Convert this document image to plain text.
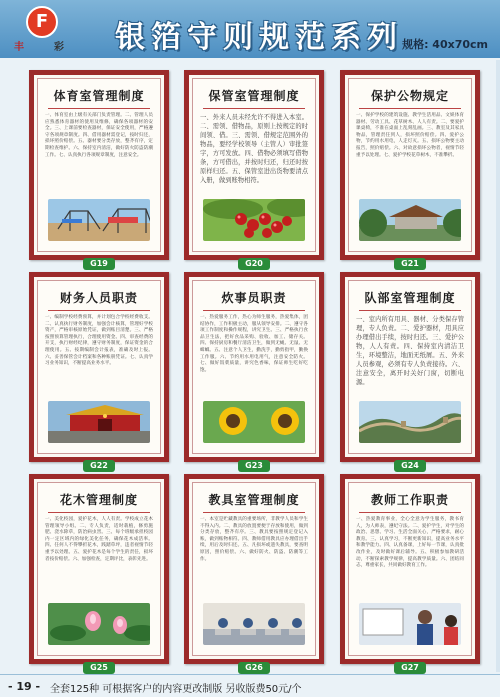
F
丰	彩 银箔守则规范系列 规格: 40x70cm
体育室管理制度
一、体育室由上级有关部门负责管理。二、管理人员应熟悉体育器材的使用及维修，确保各项器材的安全。三、上课前要检查器材，保证安全使用，严格遵守各项规章制度。四、借用器材需登记，按时归还，损坏照价赔偿。五、器材要分类存放，整齐有序，定期检查维护。六、保持室内清洁，做好防火防盗防潮工作。七、认真执行各项规章制度，注意安全。
G19
保管室管理制度
一、外来人员未经允许不得进入本室。二、需领、借物品，原则上按规定的时间领、借。三、需领、借规定范围外的物品，要经学校领导（主管人）审批签字，方可发放。四、借物必须填写借物条，方可借出，并按时归还，归还时按原样归还。五、保管室进出货物要清点入册，做到账物相符。
G20
保护公物规定
一、保护学校的建筑设施、教学生活用品、文娱体育器材、劳动工具、花草树木、人人有责。二、要爱护课桌椅，不准在桌面上乱刻乱画。三、教室及其家具物品，管理责任到人，损坏照价赔偿。四、爱护公物，节约用水用电，人走灯灭。五、损坏公物要主动报告，照价赔偿。六、对故意损坏公物者，视情节轻重予以处理。七、爱护学校花草树木，不准攀折。
G21
财务人员职责
一、编制学校经费预算，并计划包合学校经费收支。二、认真执行财务制度，加强会计核算，管理好学校资产，严格审核原始凭证，做到账目清楚。三、严格按照预算管理执行，合理使用资金。四、审查经费的开支，执行财经纪律，遵守财务制度，保证资金的合理使用。五、按期编制会计报表，准确及时上报。六、妥善保管会计档案和各种账册凭证。七、认真学习业务知识，不断提高业务水平。
G22
炊事员职责
一、热爱服务工作，热心为师生服务，热爱集体，团结协作，工作积极主动，服从领导安排。二、遵守各项工作制度和操作规程，讲究卫生。三、严格执行食品卫生法，把好食品采购、验收、加工、储存关。四、保持厨房和餐厅清洁卫生，做到无蝇、无鼠、无蟑螂。五、注意个人卫生，勤洗手，勤剪指甲，勤换工作服。六、节约用水用电用气，注意安全防火。七、做好饭菜质量，讲究色香味，保证师生吃好吃饱。
G23
队部室管理制度
一、室内所有用具、器材、分类保存管理，专人负责。二、爱护器材，用具应办理借出手续，按时归还。三、爱护公物，人人有责。四、保持室内清洁卫生，环境整洁，地面无纸屑。五、外来人员参观，必须有专人负责接待。六、注意安全，离开时关好门窗，切断电源。
G24
花木管理制度
一、美化校园，爱护花木，人人有责。学校成立花木管理领导小组。二、专人负责，适时栽植，修剪施肥、浇水除草，防治病虫害。三、每个班级承担校园内一定区域内的绿化美化任务，确保花木成活率。四、任何人不得攀折花木，践踏草坪，违者视情节轻重予以处理。五、爱护花木是每个学生的责任，损坏者按价赔偿。六、加强检查，定期评比，表彰先进。
G25
教具室管理制度
一、本室是贮藏教具的重要场所，非教学人员和学生不得入内。二、教具的放置要便于存放和使用，做到分类存放，整齐有序。三、教具要按照规定登记入账，做到账物相符。四、教师借用教具应办理借出手续，用后及时归还。五、凡损坏或遗失教具，要查明原因，照价赔偿。六、做好防火、防盗、防潮等工作。
G26
教师工作职责
一、热爱教育事业，全心全意为学生服务，教书育人，为人师表，遵纪守法。二、爱护学生，对学生的政治、思想、学习、生活全面关心，严格要求，耐心教育。三、认真学习，不断更新知识，提高业务水平和教学能力。四、认真备课，上好每一节课，认真批改作业，及时做好课后辅导。五、积极参加教研活动，不断探索教学规律，提高教学质量。六、团结同志，尊重家长，共同做好教育工作。
G27
- 19 - 全套125种 可根据客户的内容更改制版 另收版费50元/个
